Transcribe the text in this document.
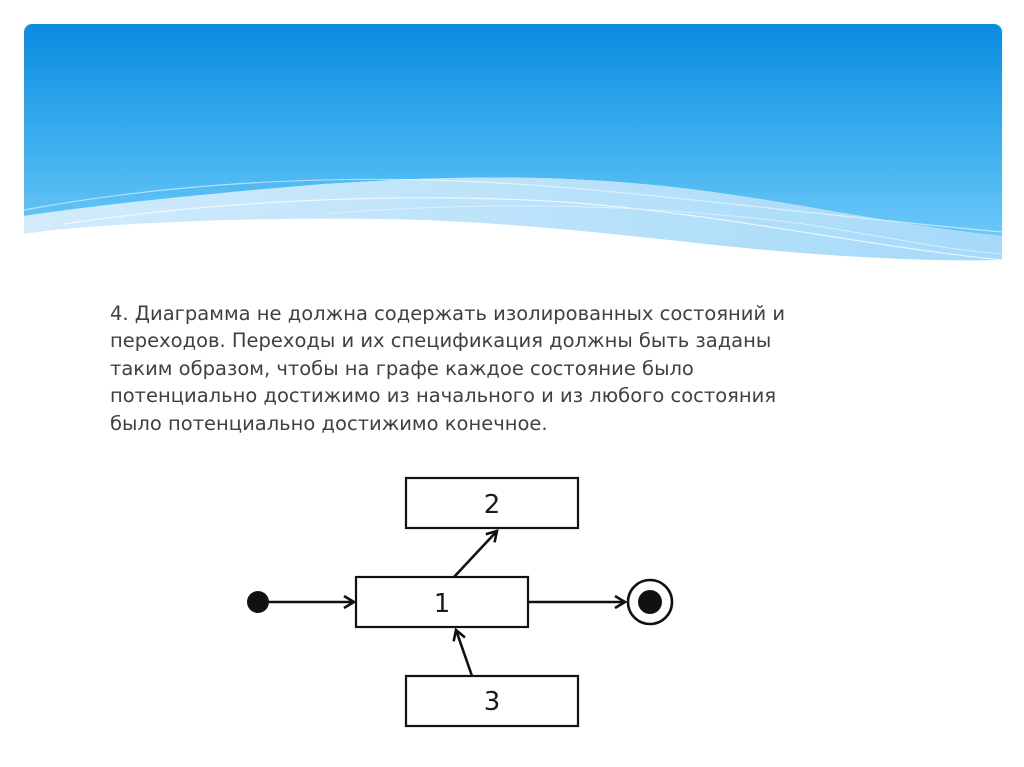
4. Диаграмма не должна содержать изолированных состояний и
переходов. Переходы и их спецификация должны быть заданы
таким образом, чтобы на графе каждое состояние было
потенциально достижимо из начального и из любого состояния
было потенциально достижимо конечное.
1
2
3
